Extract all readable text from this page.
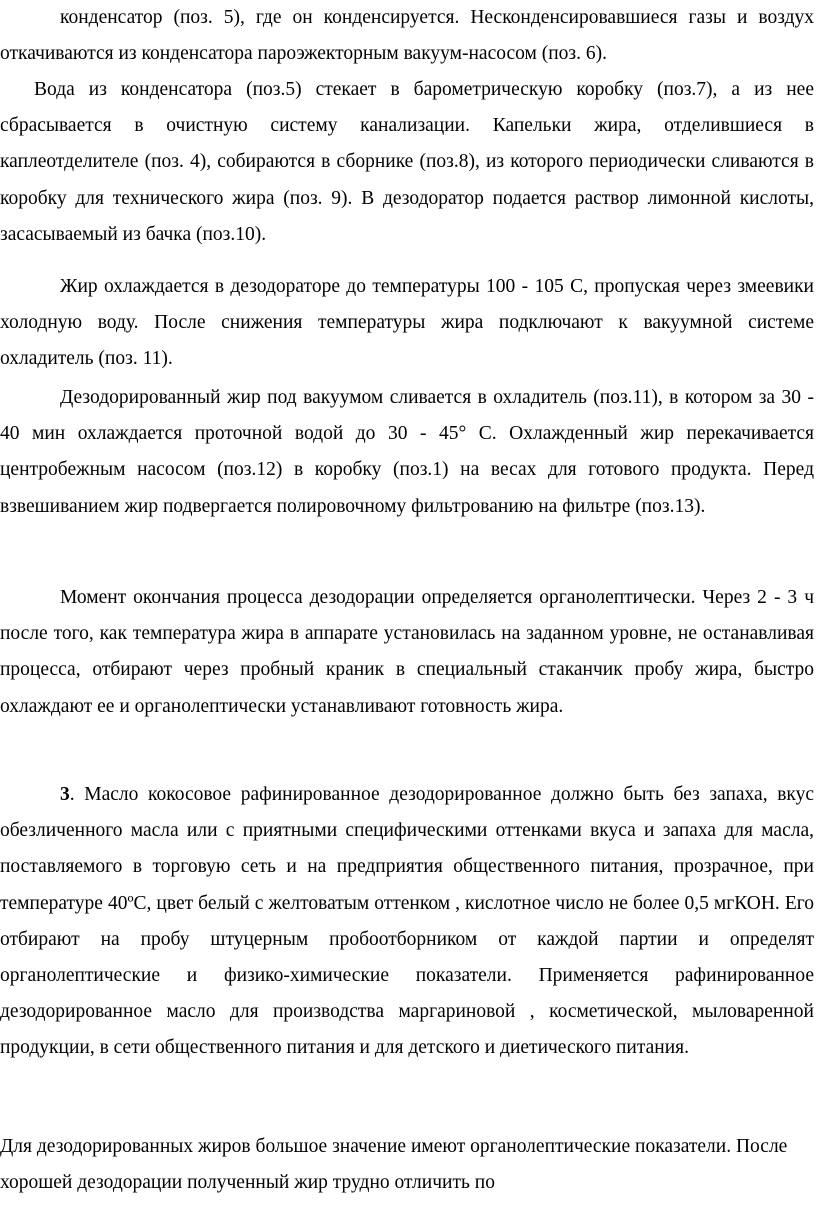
конденсатор (поз. 5), где он конденсируется. Несконденсировавшиеся газы и воздух откачиваются из конденсатора пароэжекторным вакуум-насосом (поз. 6).

Вода из конденсатора (поз.5) стекает в барометрическую коробку (поз.7), а из нее сбрасывается в очистную систему канализации. Капельки жира, отделившиеся в каплеотделителе (поз. 4), собираются в сборнике (поз.8), из которого периодически сливаются в коробку для технического жира (поз. 9). В дезодоратор подается раствор лимонной кислоты, засасываемый из бачка (поз.10).

Жир охлаждается в дезодораторе до температуры 100 - 105 С, пропуская через змеевики холодную воду. После снижения температуры жира подключают к вакуумной системе охладитель (поз. 11).

Дезодорированный жир под вакуумом сливается в охладитель (поз.11), в котором за 30 - 40 мин охлаждается проточной водой до 30 - 45° С. Охлажденный жир перекачивается центробежным насосом (поз.12) в коробку (поз.1) на весах для готового продукта. Перед взвешиванием жир подвергается полировочному фильтрованию на фильтре (поз.13).

Момент окончания процесса дезодорации определяется органолептически. Через 2 - 3 ч после того, как температура жира в аппарате установилась на заданном уровне, не останавливая процесса, отбирают через пробный краник в специальный стаканчик пробу жира, быстро охлаждают ее и органолептически устанавливают готовность жира.

3. Масло кокосовое рафинированное дезодорированное должно быть без запаха, вкус обезличенного масла или с приятными специфическими оттенками вкуса и запаха для масла, поставляемого в торговую сеть и на предприятия общественного питания, прозрачное, при температуре 40ºС, цвет белый с желтоватым оттенком , кислотное число не более 0,5 мгКОН. Его отбирают на пробу штуцерным пробоотборником от каждой партии и определят органолептические и физико-химические показатели. Применяется рафинированное дезодорированное масло для производства маргариновой , косметической, мыловаренной продукции, в сети общественного питания и для детского и диетического питания.

Для дезодорированных жиров большое значение имеют органолептические показатели. После хорошей дезодорации полученный жир трудно отличить по
